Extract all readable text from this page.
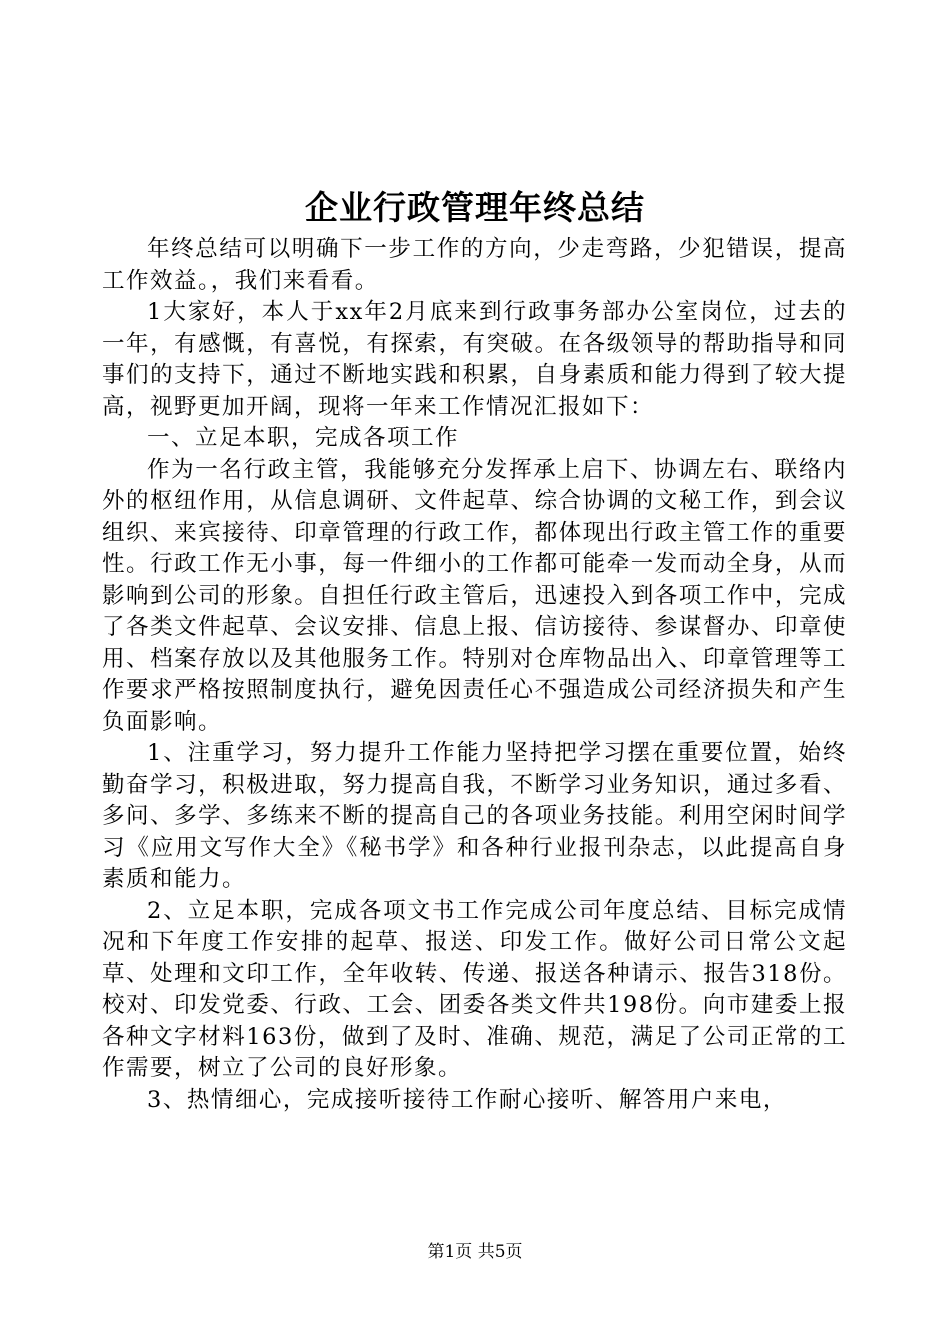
企业行政管理年终总结

年终总结可以明确下一步工作的方向，少走弯路，少犯错误，提高工作效益。，我们来看看。

1大家好，本人于xx年2月底来到行政事务部办公室岗位，过去的一年，有感慨，有喜悦，有探索，有突破。在各级领导的帮助指导和同事们的支持下，通过不断地实践和积累，自身素质和能力得到了较大提高，视野更加开阔，现将一年来工作情况汇报如下：

一、立足本职，完成各项工作

作为一名行政主管，我能够充分发挥承上启下、协调左右、联络内外的枢纽作用，从信息调研、文件起草、综合协调的文秘工作，到会议组织、来宾接待、印章管理的行政工作，都体现出行政主管工作的重要性。行政工作无小事，每一件细小的工作都可能牵一发而动全身，从而影响到公司的形象。自担任行政主管后，迅速投入到各项工作中，完成了各类文件起草、会议安排、信息上报、信访接待、参谋督办、印章使用、档案存放以及其他服务工作。特别对仓库物品出入、印章管理等工作要求严格按照制度执行，避免因责任心不强造成公司经济损失和产生负面影响。

1、注重学习，努力提升工作能力坚持把学习摆在重要位置，始终勤奋学习，积极进取，努力提高自我，不断学习业务知识，通过多看、多问、多学、多练来不断的提高自己的各项业务技能。利用空闲时间学习《应用文写作大全》《秘书学》和各种行业报刊杂志，以此提高自身素质和能力。

2、立足本职，完成各项文书工作完成公司年度总结、目标完成情况和下年度工作安排的起草、报送、印发工作。做好公司日常公文起草、处理和文印工作，全年收转、传递、报送各种请示、报告318份。校对、印发党委、行政、工会、团委各类文件共198份。向市建委上报各种文字材料163份，做到了及时、准确、规范，满足了公司正常的工作需要，树立了公司的良好形象。

3、热情细心，完成接听接待工作耐心接听、解答用户来电，

第1页 共5页
